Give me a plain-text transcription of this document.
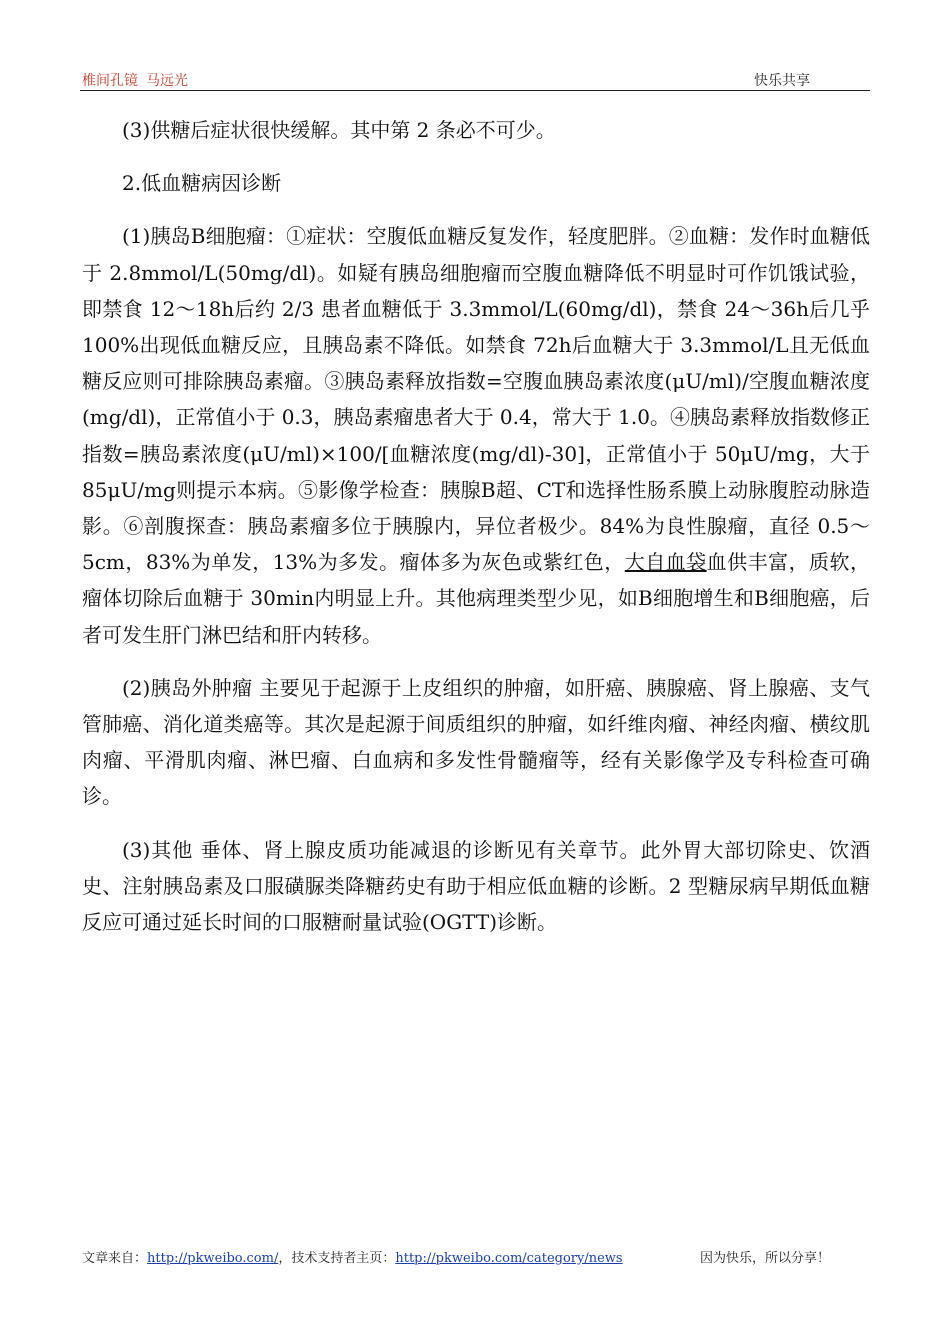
椎间孔镜 马远光	快乐共享

(3)供糖后症状很快缓解。其中第 2 条必不可少。

2.低血糖病因诊断

(1)胰岛B细胞瘤：①症状：空腹低血糖反复发作，轻度肥胖。②血糖：发作时血糖低于 2.8mmol/L(50mg/dl)。如疑有胰岛细胞瘤而空腹血糖降低不明显时可作饥饿试验，即禁食 12～18h后约 2/3 患者血糖低于 3.3mmol/L(60mg/dl)，禁食 24～36h后几乎 100%出现低血糖反应，且胰岛素不降低。如禁食 72h后血糖大于 3.3mmol/L且无低血糖反应则可排除胰岛素瘤。③胰岛素释放指数=空腹血胰岛素浓度(μU/ml)/空腹血糖浓度(mg/dl)，正常值小于 0.3，胰岛素瘤患者大于 0.4，常大于 1.0。④胰岛素释放指数修正指数=胰岛素浓度(μU/ml)×100/[血糖浓度(mg/dl)-30]，正常值小于 50μU/mg，大于 85μU/mg则提示本病。⑤影像学检查：胰腺B超、CT和选择性肠系膜上动脉腹腔动脉造影。⑥剖腹探查：胰岛素瘤多位于胰腺内，异位者极少。84%为良性腺瘤，直径 0.5～5cm，83%为单发，13%为多发。瘤体多为灰色或紫红色，大自血袋血供丰富，质软，瘤体切除后血糖于 30min内明显上升。其他病理类型少见，如B细胞增生和B细胞癌，后者可发生肝门淋巴结和肝内转移。

(2)胰岛外肿瘤 主要见于起源于上皮组织的肿瘤，如肝癌、胰腺癌、肾上腺癌、支气管肺癌、消化道类癌等。其次是起源于间质组织的肿瘤，如纤维肉瘤、神经肉瘤、横纹肌肉瘤、平滑肌肉瘤、淋巴瘤、白血病和多发性骨髓瘤等，经有关影像学及专科检查可确诊。

(3)其他 垂体、肾上腺皮质功能减退的诊断见有关章节。此外胃大部切除史、饮酒史、注射胰岛素及口服磺脲类降糖药史有助于相应低血糖的诊断。2 型糖尿病早期低血糖反应可通过延长时间的口服糖耐量试验(OGTT)诊断。

文章来自：http://pkweibo.com/，技术支持者主页：http://pkweibo.com/category/news	因为快乐，所以分享！
